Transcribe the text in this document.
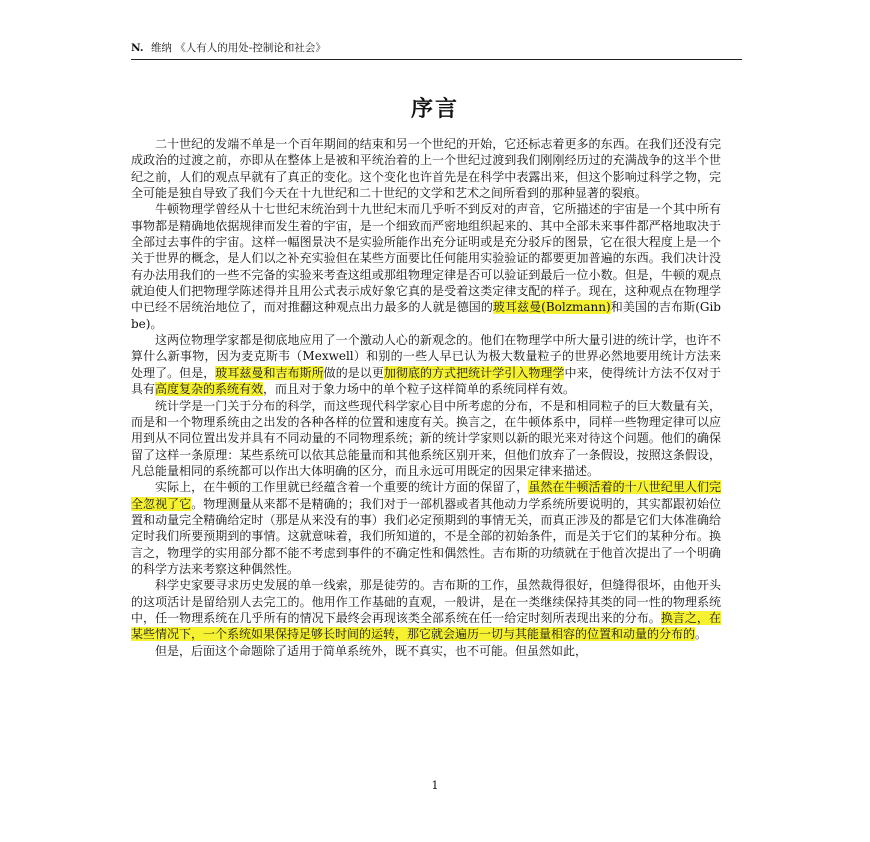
N. 维纳 《人有人的用处-控制论和社会》
序言

二十世纪的发端不单是一个百年期间的结束和另一个世纪的开始，它还标志着更多的东西。在我们还没有完成政治的过渡之前，亦即从在整体上是被和平统治着的上一个世纪过渡到我们刚刚经历过的充满战争的这半个世纪之前，人们的观点早就有了真正的变化。这个变化也许首先是在科学中表露出来，但这个影响过科学之物，完全可能是独自导致了我们今天在十九世纪和二十世纪的文学和艺术之间所看到的那种显著的裂痕。

牛顿物理学曾经从十七世纪末统治到十九世纪末而几乎听不到反对的声音，它所描述的宇宙是一个其中所有事物都是精确地依据规律而发生着的宇宙，是一个细致而严密地组织起来的、其中全部未来事件都严格地取决于全部过去事件的宇宙。这样一幅图景决不是实验所能作出充分证明或是充分驳斥的图景，它在很大程度上是一个关于世界的概念，是人们以之补充实验但在某些方面要比任何能用实验验证的都要更加普遍的东西。我们决计没有办法用我们的一些不完备的实验来考查这组或那组物理定律是否可以验证到最后一位小数。但是，牛顿的观点就迫使人们把物理学陈述得并且用公式表示成好象它真的是受着这类定律支配的样子。现在，这种观点在物理学中已经不居统治地位了，而对推翻这种观点出力最多的人就是德国的玻耳兹曼(Bolzmann)和美国的吉布斯(Gibbe)。

这两位物理学家都是彻底地应用了一个激动人心的新观念的。他们在物理学中所大量引进的统计学，也许不算什么新事物，因为麦克斯韦（Mexwell）和别的一些人早已认为极大数量粒子的世界必然地要用统计方法来处理了。但是，玻耳兹曼和吉布斯所做的是以更加彻底的方式把统计学引入物理学中来，使得统计方法不仅对于具有高度复杂的系统有效，而且对于象力场中的单个粒子这样简单的系统同样有效。

统计学是一门关于分布的科学，而这些现代科学家心目中所考虑的分布，不是和相同粒子的巨大数量有关，而是和一个物理系统由之出发的各种各样的位置和速度有关。换言之，在牛顿体系中，同样一些物理定律可以应用到从不同位置出发并具有不同动量的不同物理系统；新的统计学家则以新的眼光来对待这个问题。他们的确保留了这样一条原理：某些系统可以依其总能量而和其他系统区别开来，但他们放弃了一条假设，按照这条假设，凡总能量相同的系统都可以作出大体明确的区分，而且永远可用既定的因果定律来描述。

实际上，在牛顿的工作里就已经蕴含着一个重要的统计方面的保留了，虽然在牛顿活着的十八世纪里人们完全忽视了它。物理测量从来都不是精确的；我们对于一部机器或者其他动力学系统所要说明的，其实都跟初始位置和动量完全精确给定时（那是从来没有的事）我们必定预期到的事情无关，而真正涉及的都是它们大体准确给定时我们所要预期到的事情。这就意味着，我们所知道的，不是全部的初始条件，而是关于它们的某种分布。换言之，物理学的实用部分都不能不考虑到事件的不确定性和偶然性。吉布斯的功绩就在于他首次提出了一个明确的科学方法来考察这种偶然性。

科学史家要寻求历史发展的单一线索，那是徒劳的。吉布斯的工作，虽然裁得很好，但缝得很坏，由他开头的这项活计是留给别人去完工的。他用作工作基础的直观，一般讲，是在一类继续保持其类的同一性的物理系统中，任一物理系统在几乎所有的情况下最终会再现该类全部系统在任一给定时刻所表现出来的分布。换言之，在某些情况下，一个系统如果保持足够长时间的运转，那它就会遍历一切与其能量相容的位置和动量的分布的。

但是，后面这个命题除了适用于简单系统外，既不真实，也不可能。但虽然如此，

1
